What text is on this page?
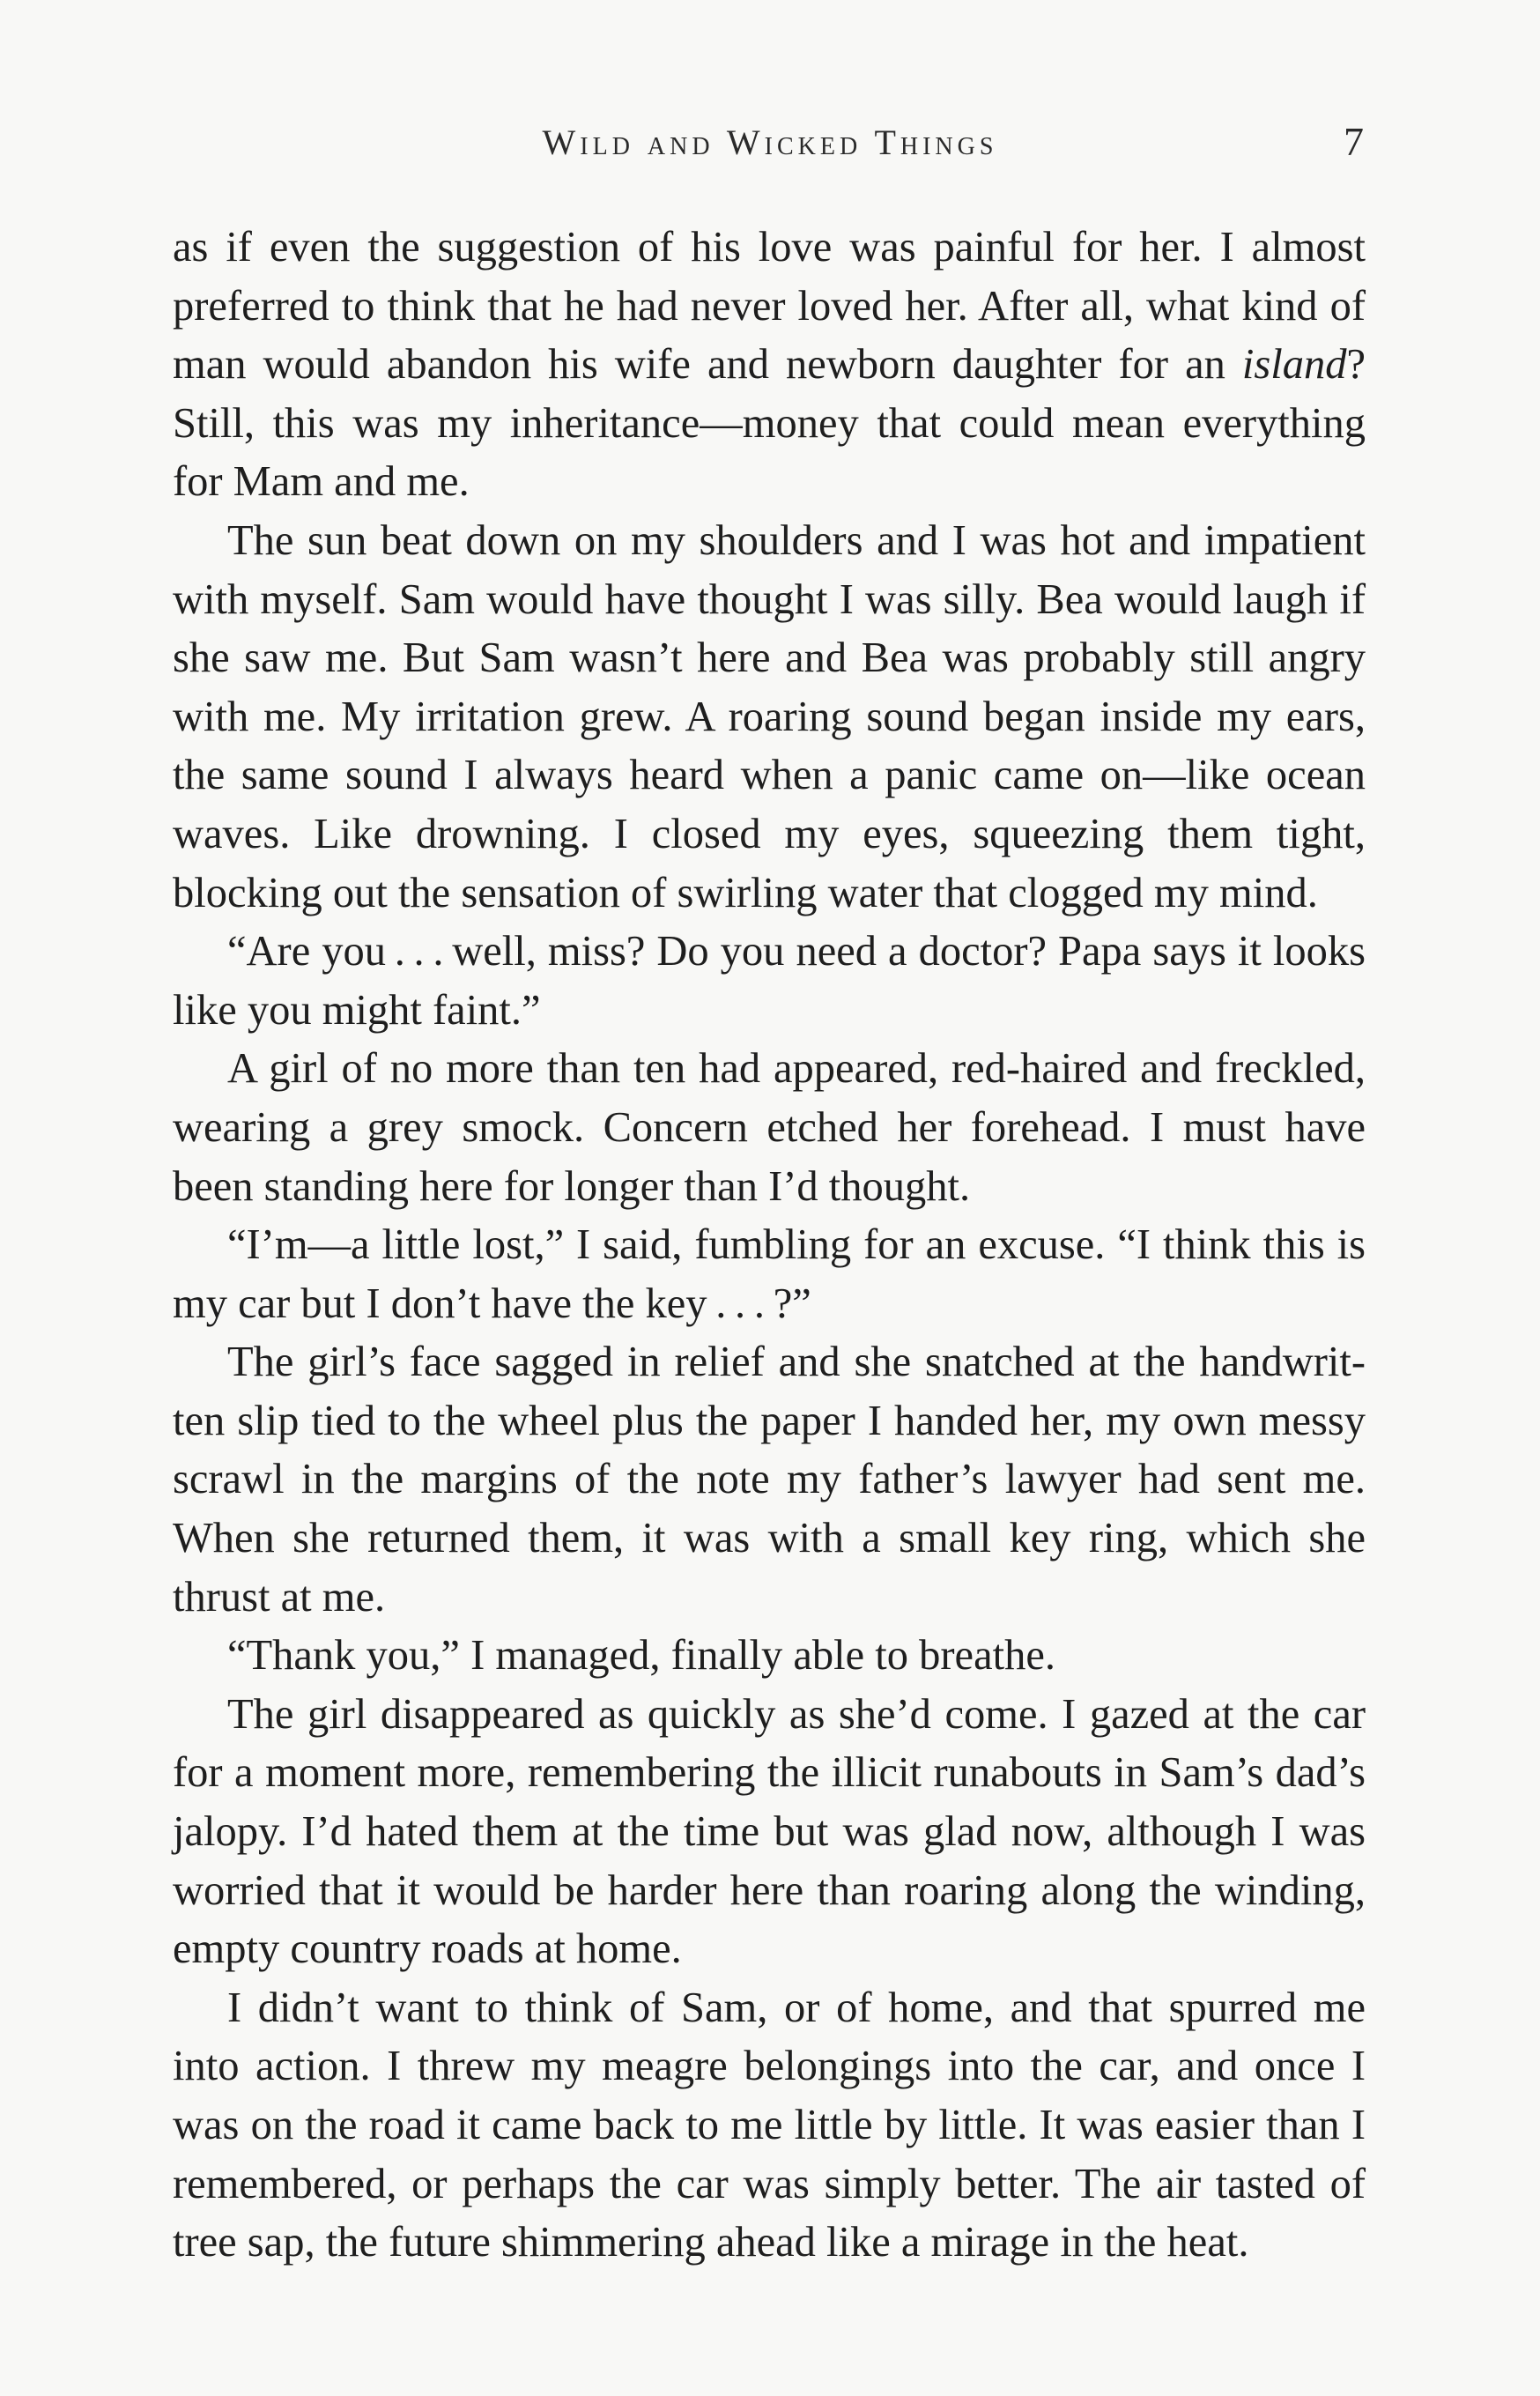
Wild and Wicked Things	7

as if even the suggestion of his love was painful for her. I almost preferred to think that he had never loved her. After all, what kind of man would abandon his wife and newborn daughter for an island? Still, this was my inheritance—money that could mean everything for Mam and me.

The sun beat down on my shoulders and I was hot and impatient with myself. Sam would have thought I was silly. Bea would laugh if she saw me. But Sam wasn’t here and Bea was probably still angry with me. My irritation grew. A roaring sound began inside my ears, the same sound I always heard when a panic came on—like ocean waves. Like drowning. I closed my eyes, squeezing them tight, blocking out the sensation of swirling water that clogged my mind.

“Are you . . . well, miss? Do you need a doctor? Papa says it looks like you might faint.”

A girl of no more than ten had appeared, red-haired and freckled, wearing a grey smock. Concern etched her forehead. I must have been standing here for longer than I’d thought.

“I’m—a little lost,” I said, fumbling for an excuse. “I think this is my car but I don’t have the key . . . ?”

The girl’s face sagged in relief and she snatched at the handwritten slip tied to the wheel plus the paper I handed her, my own messy scrawl in the margins of the note my father’s lawyer had sent me. When she returned them, it was with a small key ring, which she thrust at me.

“Thank you,” I managed, finally able to breathe.

The girl disappeared as quickly as she’d come. I gazed at the car for a moment more, remembering the illicit runabouts in Sam’s dad’s jalopy. I’d hated them at the time but was glad now, although I was worried that it would be harder here than roaring along the winding, empty country roads at home.

I didn’t want to think of Sam, or of home, and that spurred me into action. I threw my meagre belongings into the car, and once I was on the road it came back to me little by little. It was easier than I remembered, or perhaps the car was simply better. The air tasted of tree sap, the future shimmering ahead like a mirage in the heat.
